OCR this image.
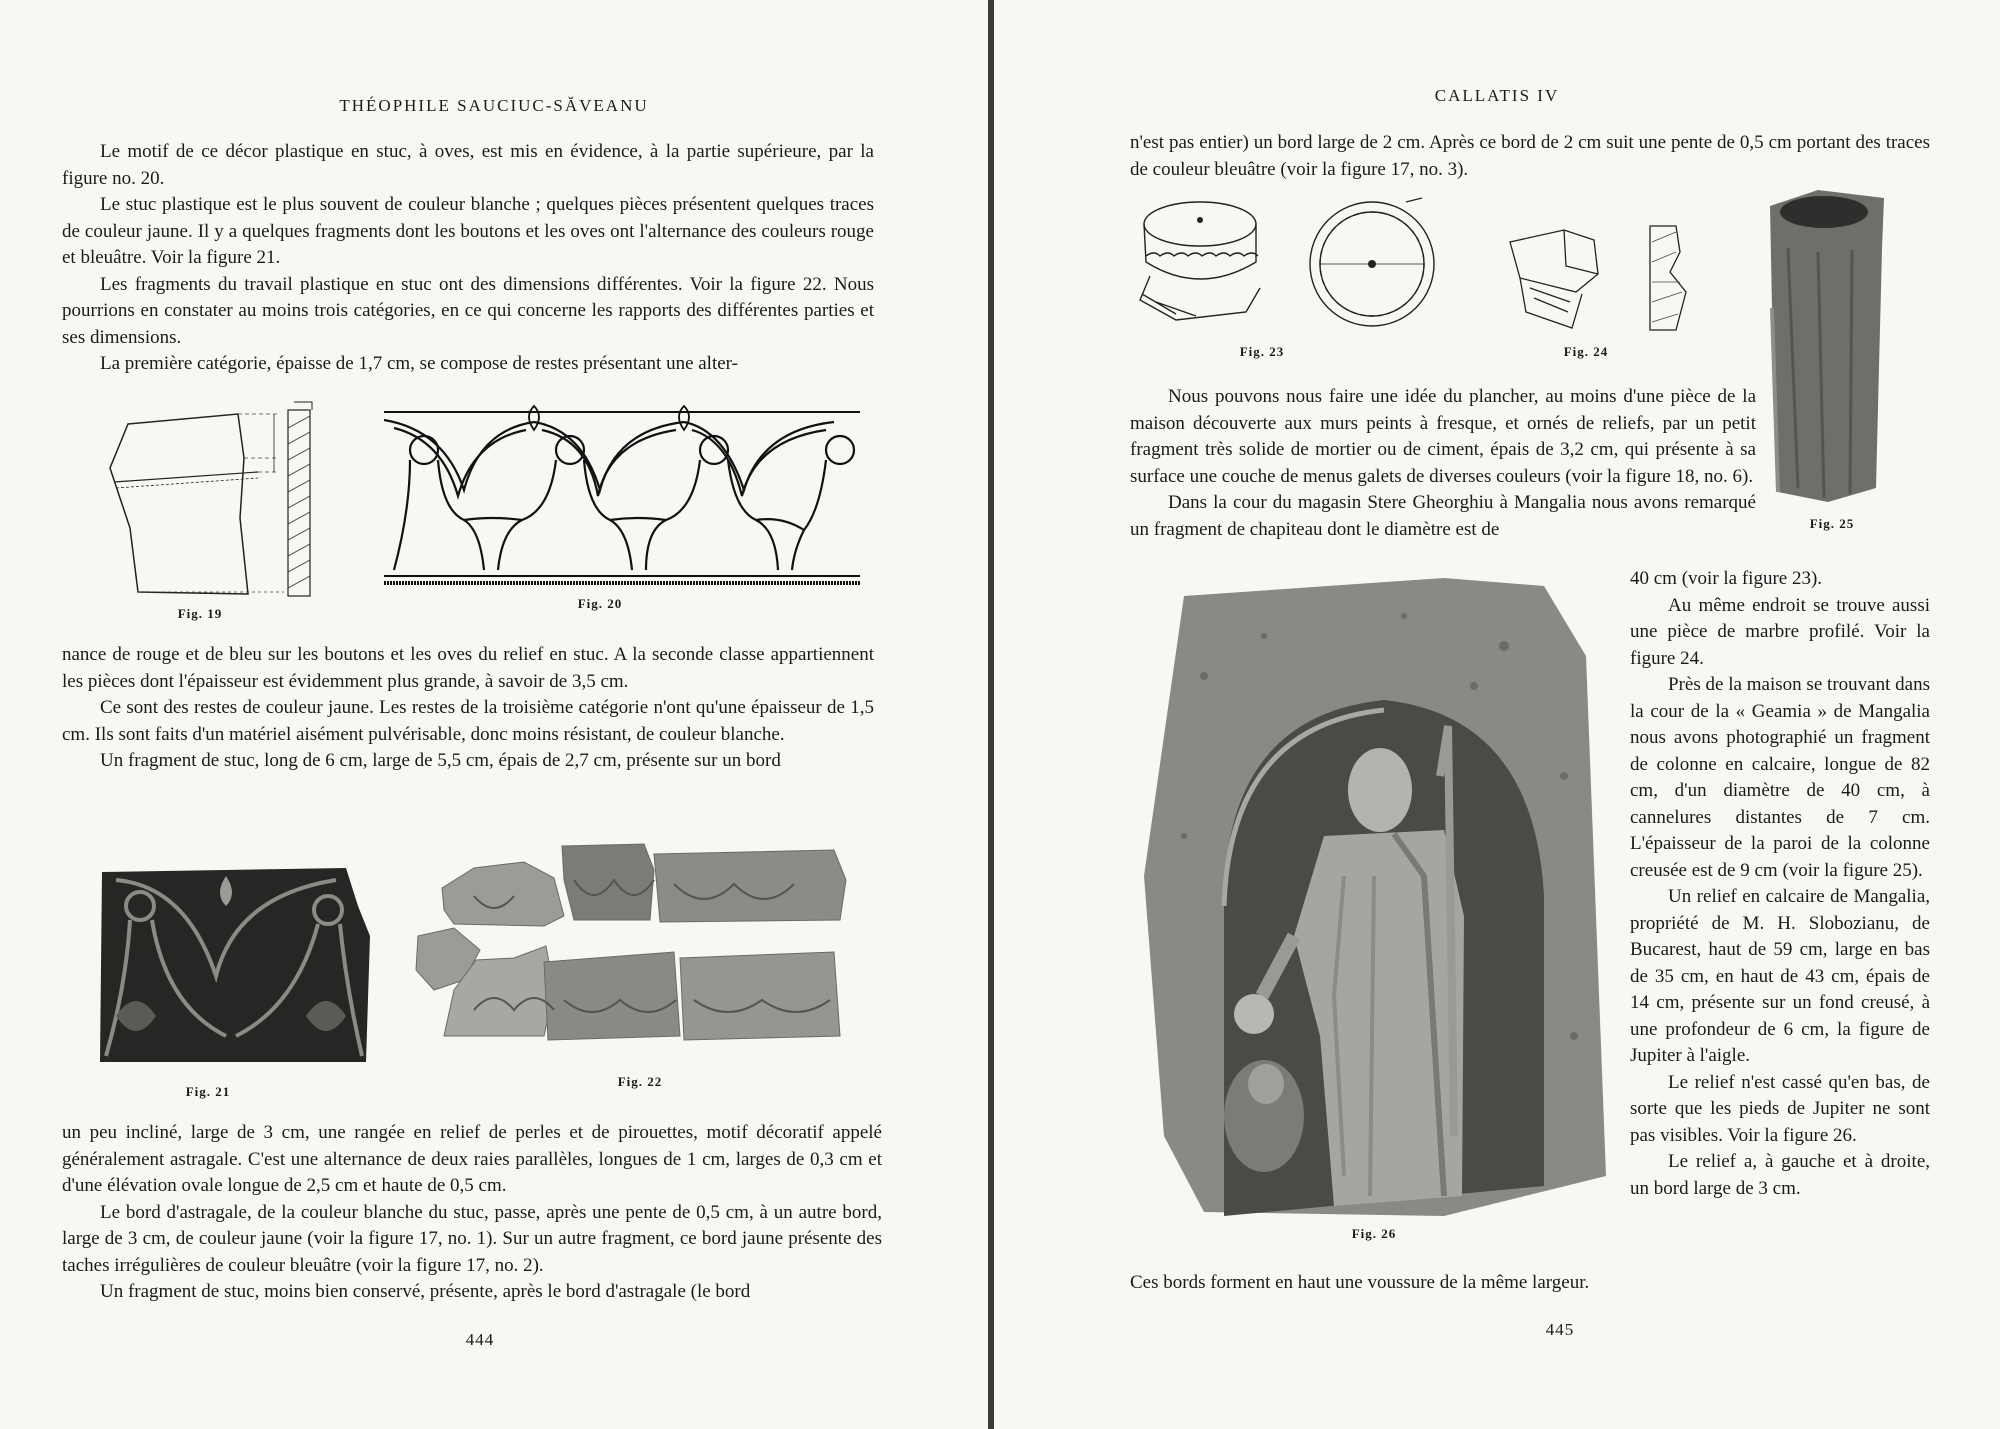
THÉOPHILE SAUCIUC-SĂVEANU

Le motif de ce décor plastique en stuc, à oves, est mis en évidence, à la partie supérieure, par la figure no. 20.

Le stuc plastique est le plus souvent de couleur blanche ; quelques pièces présentent quelques traces de couleur jaune. Il y a quelques fragments dont les boutons et les oves ont l'alternance des couleurs rouge et bleuâtre. Voir la figure 21.

Les fragments du travail plastique en stuc ont des dimensions différentes. Voir la figure 22. Nous pourrions en constater au moins trois catégories, en ce qui concerne les rapports des différentes parties et ses dimensions.

La première catégorie, épaisse de 1,7 cm, se compose de restes présentant une alter-

Fig. 19
Fig. 20

nance de rouge et de bleu sur les boutons et les oves du relief en stuc. A la seconde classe appartiennent les pièces dont l'épaisseur est évidemment plus grande, à savoir de 3,5 cm.

Ce sont des restes de couleur jaune. Les restes de la troisième catégorie n'ont qu'une épaisseur de 1,5 cm. Ils sont faits d'un matériel aisément pulvérisable, donc moins résistant, de couleur blanche.

Un fragment de stuc, long de 6 cm, large de 5,5 cm, épais de 2,7 cm, présente sur un bord

Fig. 21
Fig. 22

un peu incliné, large de 3 cm, une rangée en relief de perles et de pirouettes, motif décoratif appelé généralement astragale. C'est une alternance de deux raies parallèles, longues de 1 cm, larges de 0,3 cm et d'une élévation ovale longue de 2,5 cm et haute de 0,5 cm.

Le bord d'astragale, de la couleur blanche du stuc, passe, après une pente de 0,5 cm, à un autre bord, large de 3 cm, de couleur jaune (voir la figure 17, no. 1). Sur un autre fragment, ce bord jaune présente des taches irrégulières de couleur bleuâtre (voir la figure 17, no. 2).

Un fragment de stuc, moins bien conservé, présente, après le bord d'astragale (le bord

444
CALLATIS IV

n'est pas entier) un bord large de 2 cm. Après ce bord de 2 cm suit une pente de 0,5 cm portant des traces de couleur bleuâtre (voir la figure 17, no. 3).

Fig. 23	Fig. 24
Fig. 25

Nous pouvons nous faire une idée du plancher, au moins d'une pièce de la maison découverte aux murs peints à fresque, et ornés de reliefs, par un petit fragment très solide de mortier ou de ciment, épais de 3,2 cm, qui présente à sa surface une couche de menus galets de diverses couleurs (voir la figure 18, no. 6).

Dans la cour du magasin Stere Gheorghiu à Mangalia nous avons remarqué un fragment de chapiteau dont le diamètre est de

Fig. 26

40 cm (voir la figure 23).

Au même endroit se trouve aussi une pièce de marbre profilé. Voir la figure 24.

Près de la maison se trouvant dans la cour de la « Geamia » de Mangalia nous avons photographié un fragment de colonne en calcaire, longue de 82 cm, d'un diamètre de 40 cm, à cannelures distantes de 7 cm. L'épaisseur de la paroi de la colonne creusée est de 9 cm (voir la figure 25).

Un relief en calcaire de Mangalia, propriété de M. H. Slobozianu, de Bucarest, haut de 59 cm, large en bas de 35 cm, en haut de 43 cm, épais de 14 cm, présente sur un fond creusé, à une profondeur de 6 cm, la figure de Jupiter à l'aigle.

Le relief n'est cassé qu'en bas, de sorte que les pieds de Jupiter ne sont pas visibles. Voir la figure 26.

Le relief a, à gauche et à droite, un bord large de 3 cm.

Ces bords forment en haut une voussure de la même largeur.

445
